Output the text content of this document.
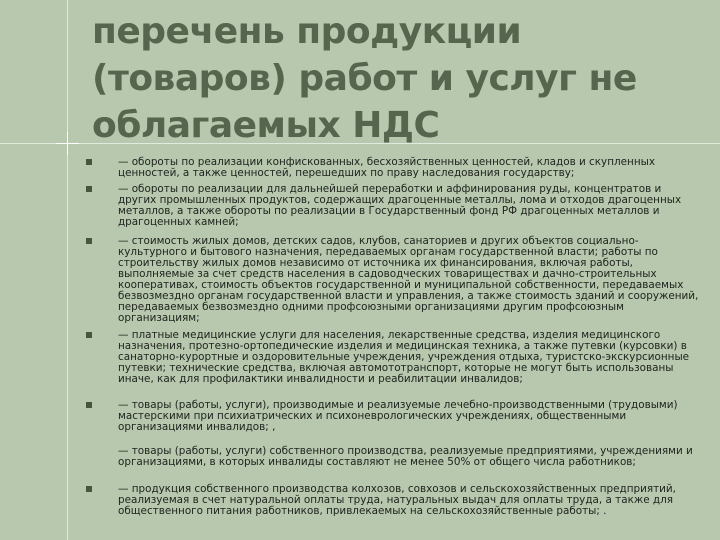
перечень продукции (товаров) работ и услуг не облагаемых НДС
— обороты по реализации конфискованных, бесхозяйственных ценностей, кладов и скупленных ценностей, а также ценностей, перешедших по праву наследования государству;
— обороты по реализации для дальнейшей переработки и аффинирования руды, концентратов и других промышленных продуктов, содержащих драгоценные металлы, лома и отходов драгоценных металлов, а также обороты по реализации в Государственный фонд РФ драгоценных металлов и драгоценных камней;
— стоимость жилых домов, детских садов, клубов, санаториев и других объектов социально-культурного и бытового назначения, передаваемых органам государственной власти; работы по строительству жилых домов независимо от источника их финансирования, включая работы, выполняемые за счет средств населения в садоводческих товариществах и дачно-строительных кооперативах, стоимость объектов государственной и муниципальной собственности, передаваемых безвозмездно органам государственной власти и управления, а также стоимость зданий и сооружений, передаваемых безвозмездно одними профсоюзными организациями другим профсоюзным организациям;
— платные медицинские услуги для населения, лекарственные средства, изделия медицинского назначения, протезно-ортопедические изделия и медицинская техника, а также путевки (курсовки) в санаторно-курортные и оздоровительные учреждения, учреждения отдыха, туристско-экскурсионные путевки; технические средства, включая автомототранспорт, которые не могут быть использованы иначе, как для профилактики инвалидности и реабилитации инвалидов;
— товары (работы, услуги), производимые и реализуемые лечебно-производственными (трудовыми) мастерскими при психиатрических и психоневрологических учреждениях, общественными организациями инвалидов; ,
— товары (работы, услуги) собственного производства, реализуемые предприятиями, учреждениями и организациями, в которых инвалиды составляют не менее 50% от общего числа работников;
— продукция собственного производства колхозов, совхозов и сельскохозяйственных предприятий, реализуемая в счет натуральной оплаты труда, натуральных выдач для оплаты труда, а также для общественного питания работников, привлекаемых на сельскохозяйственные работы; .
